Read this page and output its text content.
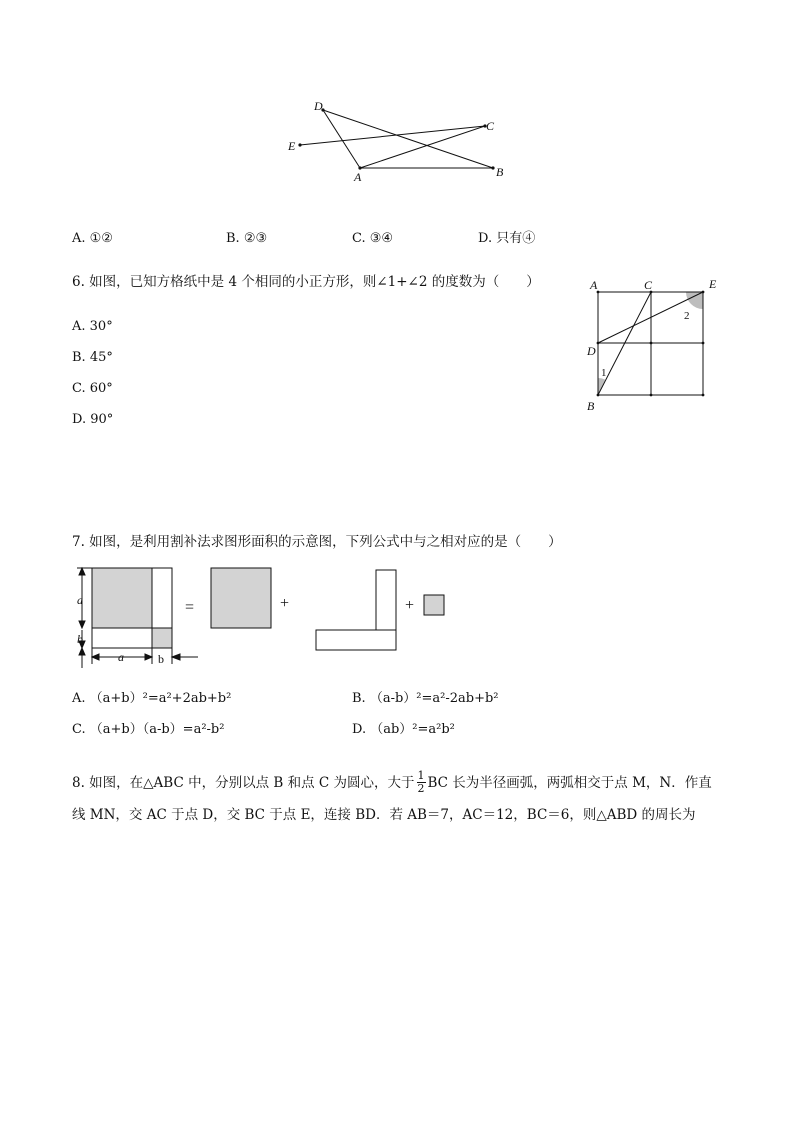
D
C
E
A	B
A. ①②	B. ②③	C. ③④	D. 只有④
6. 如图，已知方格纸中是 4 个相同的小正方形，则∠1+∠2 的度数为（　　）
A. 30°
B. 45°
C. 60°
D. 90°
A	C	E
D
B
1
2
7. 如图，是利用割补法求图形面积的示意图，下列公式中与之相对应的是（　　）
a
b
a	b
=	+	+
A. （a+b）²=a²+2ab+b²	B. （a-b）²=a²-2ab+b²
C. （a+b）（a-b）=a²-b²	D. （ab）²=a²b²
8. 如图，在△ABC 中，分别以点 B 和点 C 为圆心，大于 $\frac{1}{2}$ BC 长为半径画弧，两弧相交于点 M，N．作直
线 MN，交 AC 于点 D，交 BC 于点 E，连接 BD．若 AB＝7，AC＝12，BC＝6，则△ABD 的周长为
